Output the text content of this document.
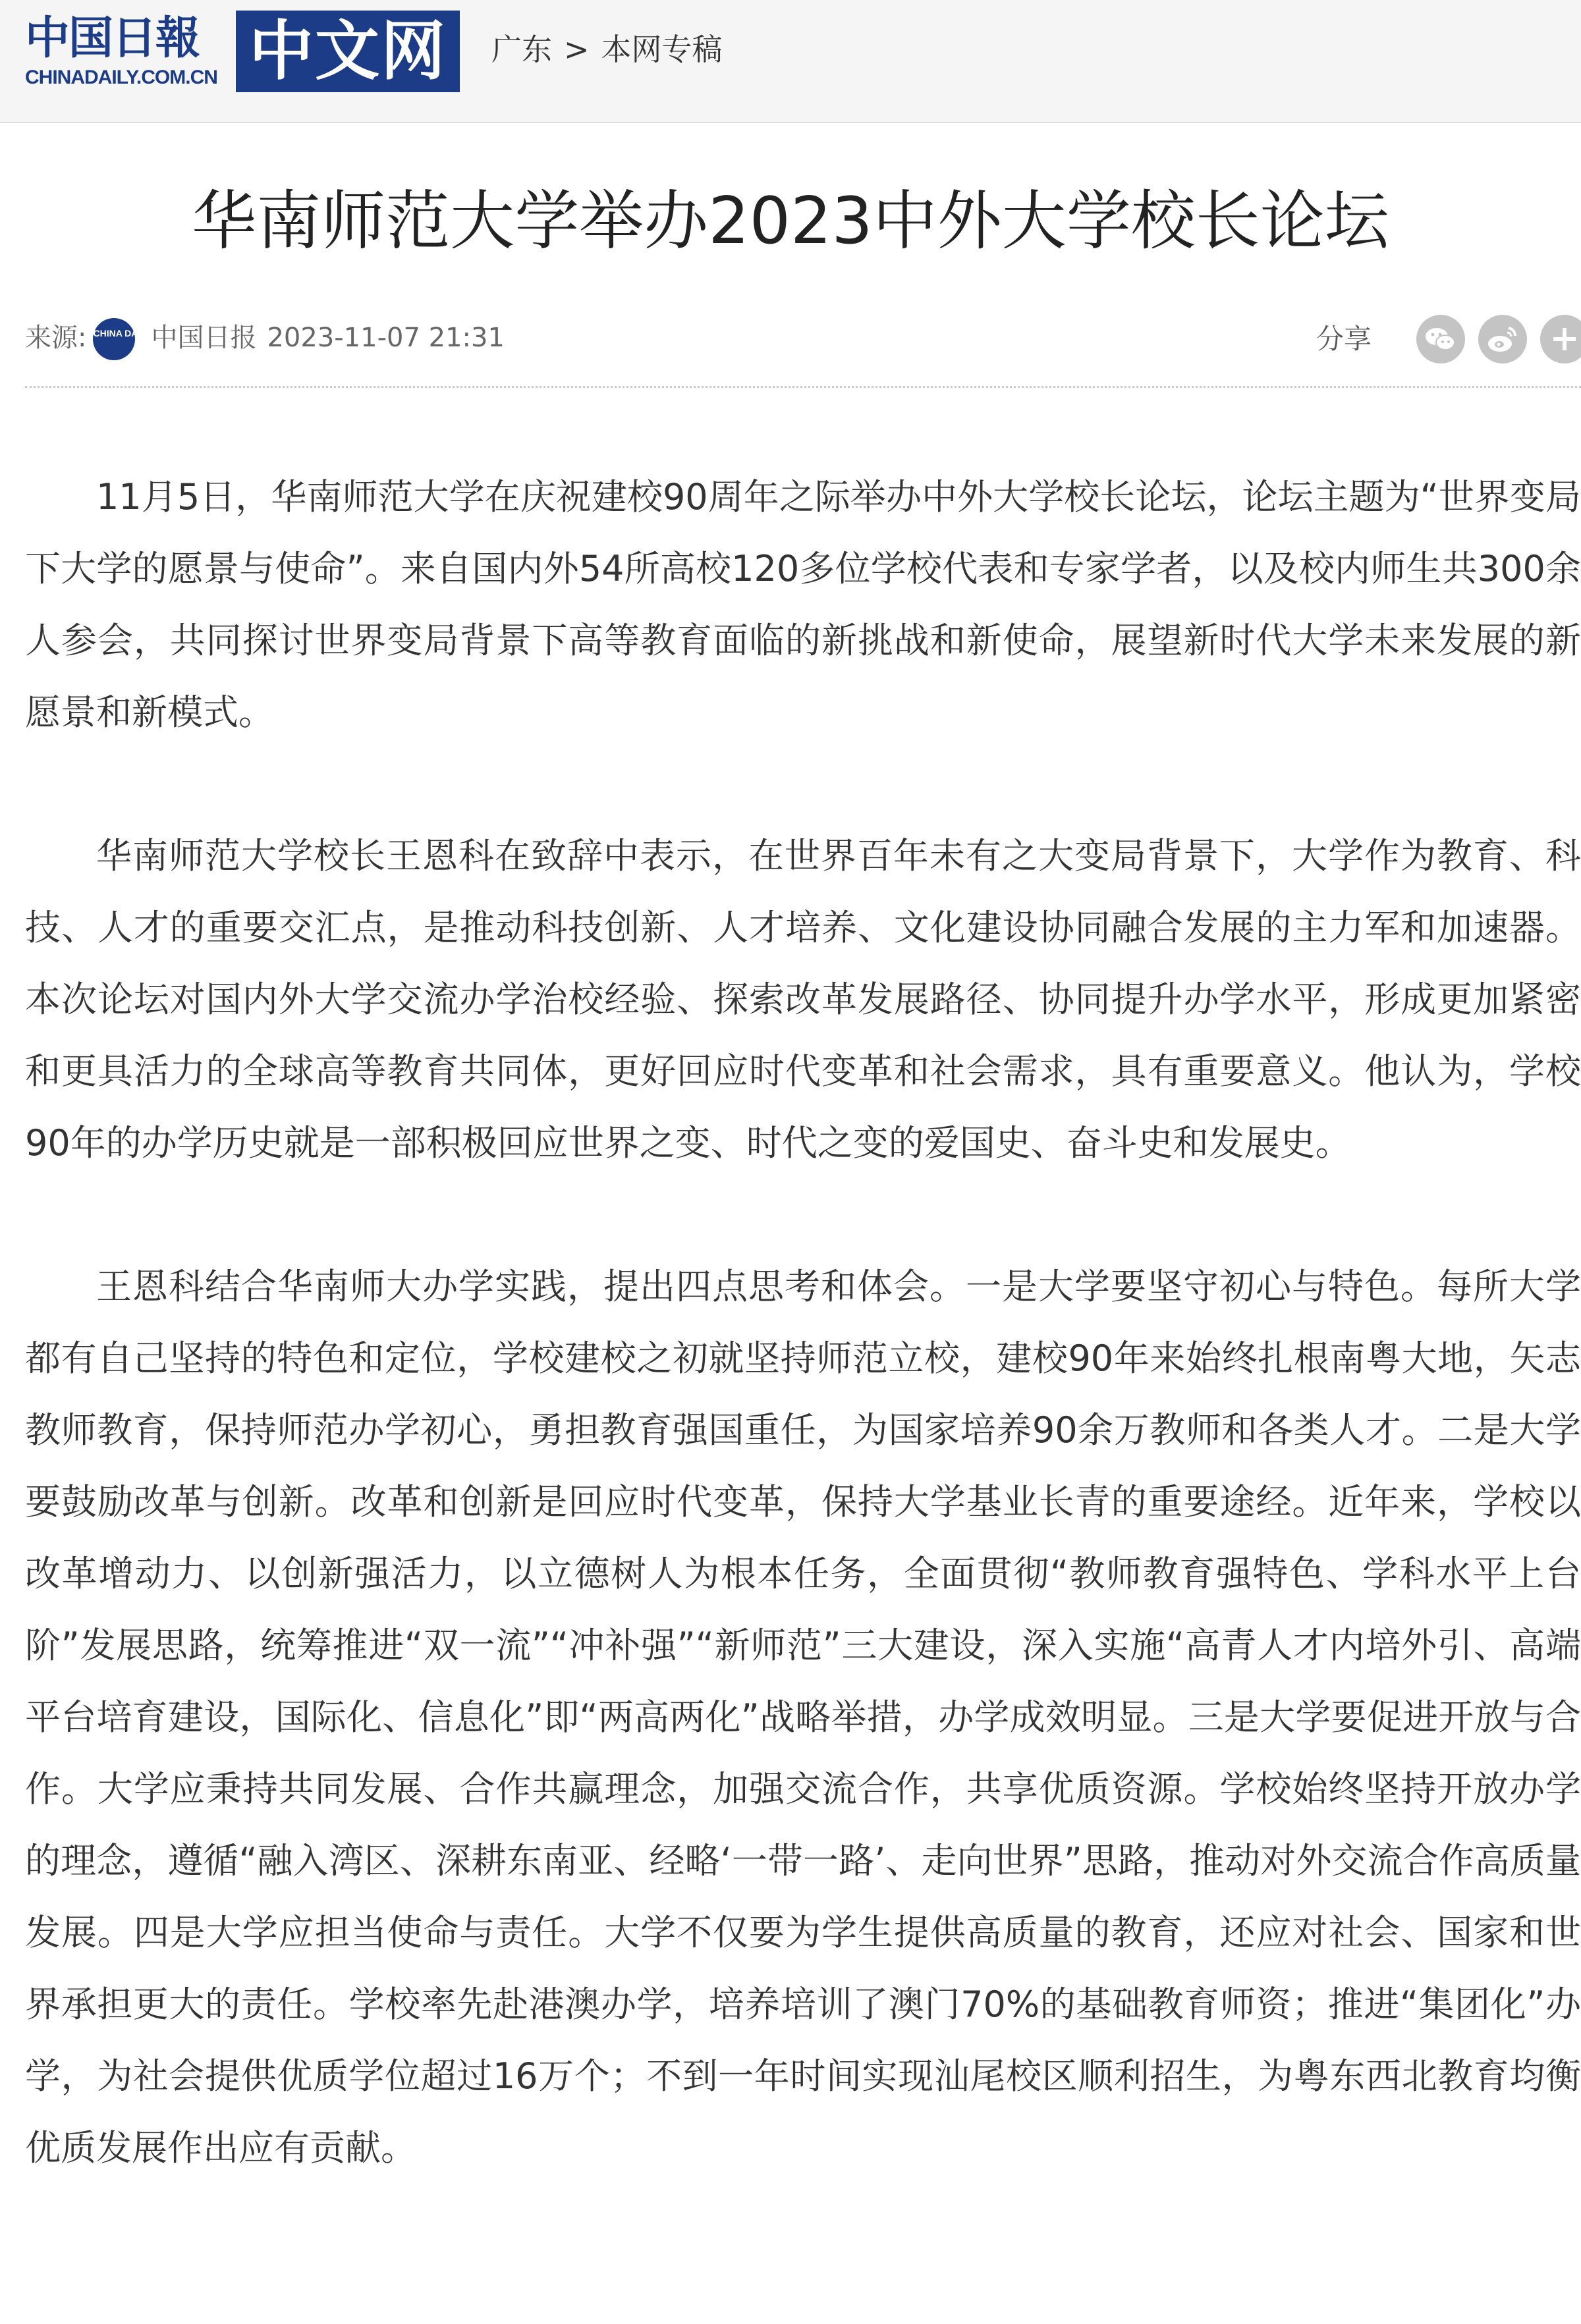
中国日報
CHINADAILY.COM.CN 中文网	广东 > 本网专稿
华南师范大学举办2023中外大学校长论坛
来源: CHINA DAILY中国日报 2023-11-07 21:31	分享

11月5日，华南师范大学在庆祝建校90周年之际举办中外大学校长论坛，论坛主题为“世界变局下大学的愿景与使命”。来自国内外54所高校120多位学校代表和专家学者，以及校内师生共300余人参会，共同探讨世界变局背景下高等教育面临的新挑战和新使命，展望新时代大学未来发展的新愿景和新模式。

华南师范大学校长王恩科在致辞中表示，在世界百年未有之大变局背景下，大学作为教育、科技、人才的重要交汇点，是推动科技创新、人才培养、文化建设协同融合发展的主力军和加速器。本次论坛对国内外大学交流办学治校经验、探索改革发展路径、协同提升办学水平，形成更加紧密和更具活力的全球高等教育共同体，更好回应时代变革和社会需求，具有重要意义。他认为，学校90年的办学历史就是一部积极回应世界之变、时代之变的爱国史、奋斗史和发展史。

王恩科结合华南师大办学实践，提出四点思考和体会。一是大学要坚守初心与特色。每所大学都有自己坚持的特色和定位，学校建校之初就坚持师范立校，建校90年来始终扎根南粤大地，矢志教师教育，保持师范办学初心，勇担教育强国重任，为国家培养90余万教师和各类人才。二是大学要鼓励改革与创新。改革和创新是回应时代变革，保持大学基业长青的重要途经。近年来，学校以改革增动力、以创新强活力，以立德树人为根本任务，全面贯彻“教师教育强特色、学科水平上台阶”发展思路，统筹推进“双一流”“冲补强”“新师范”三大建设，深入实施“高青人才内培外引、高端平台培育建设，国际化、信息化”即“两高两化”战略举措，办学成效明显。三是大学要促进开放与合作。大学应秉持共同发展、合作共赢理念，加强交流合作，共享优质资源。学校始终坚持开放办学的理念，遵循“融入湾区、深耕东南亚、经略‘一带一路’、走向世界”思路，推动对外交流合作高质量发展。四是大学应担当使命与责任。大学不仅要为学生提供高质量的教育，还应对社会、国家和世界承担更大的责任。学校率先赴港澳办学，培养培训了澳门70%的基础教育师资；推进“集团化”办学，为社会提供优质学位超过16万个；不到一年时间实现汕尾校区顺利招生，为粤东西北教育均衡优质发展作出应有贡献。
